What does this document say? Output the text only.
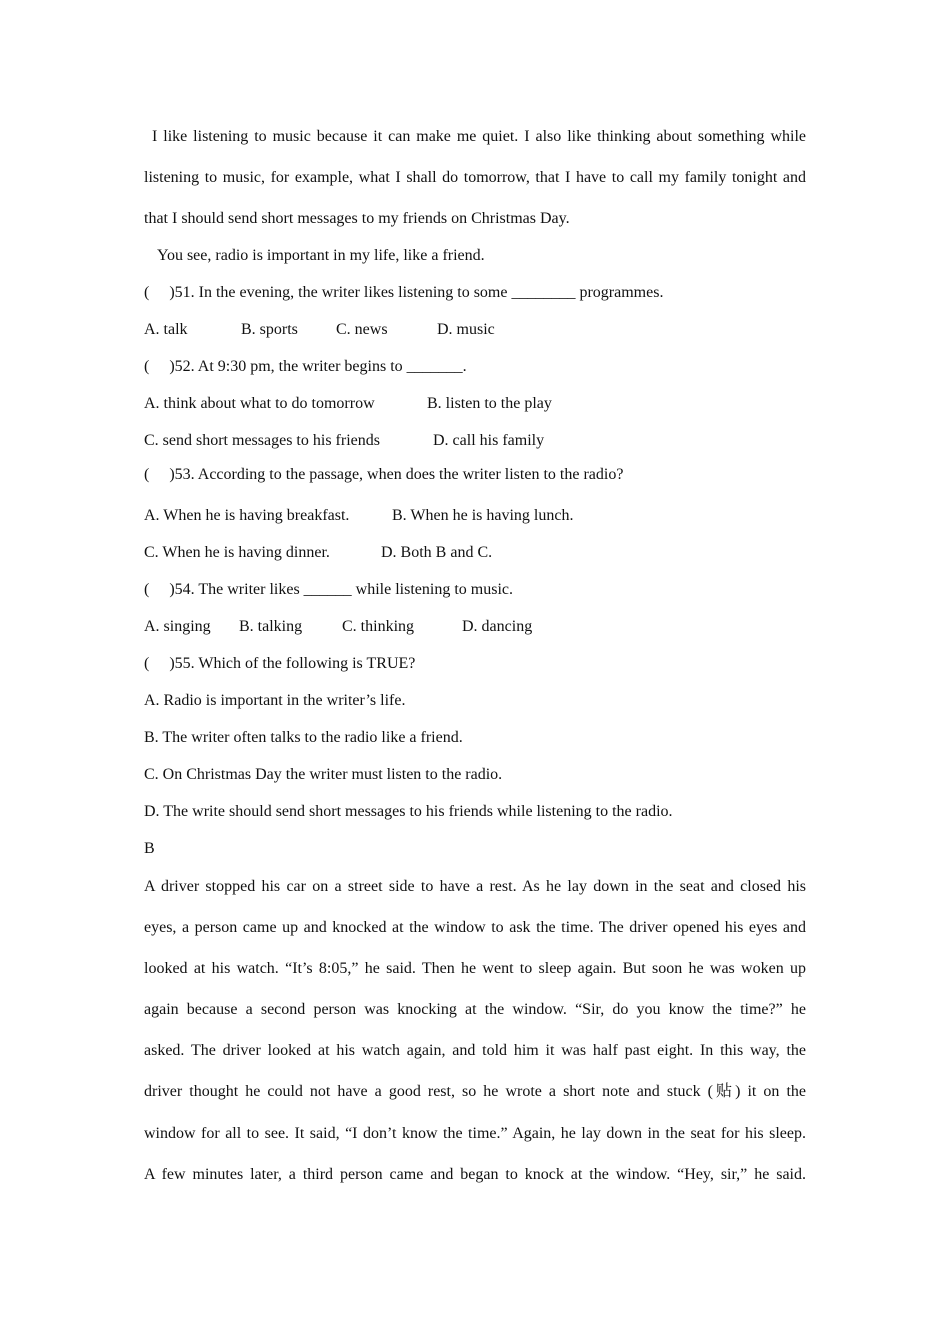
I like listening to music because it can make me quiet. I also like thinking about something while
listening to music, for example, what I shall do tomorrow, that I have to call my family tonight and
that I should send short messages to my friends on Christmas Day.
You see, radio is important in my life, like a friend.
(     )51. In the evening, the writer likes listening to some ________ programmes.
A. talk	B. sports C. news	D. music
(     )52. At 9:30 pm, the writer begins to _______.
A. think about what to do tomorrow	B. listen to the play
C. send short messages to his friends	D. call his family
(     )53. According to the passage, when does the writer listen to the radio?
A. When he is having breakfast.	B. When he is having lunch.
C. When he is having dinner.	D. Both B and C.
(     )54. The writer likes ______ while listening to music.
A. singing B. talking C. thinking	D. dancing
(     )55. Which of the following is TRUE?
A. Radio is important in the writer’s life.
B. The writer often talks to the radio like a friend.
C. On Christmas Day the writer must listen to the radio.
D. The write should send short messages to his friends while listening to the radio.
B
A driver stopped his car on a street side to have a rest. As he lay down in the seat and closed his
eyes, a person came up and knocked at the window to ask the time. The driver opened his eyes and
looked at his watch. “It’s 8:05,” he said. Then he went to sleep again. But soon he was woken up
again because a second person was knocking at the window. “Sir, do you know the time?” he
asked. The driver looked at his watch again, and told him it was half past eight. In this way, the
driver thought he could not have a good rest, so he wrote a short note and stuck (贴) it on the
window for all to see. It said, “I don’t know the time.” Again, he lay down in the seat for his sleep.
A few minutes later, a third person came and began to knock at the window. “Hey, sir,” he said.
